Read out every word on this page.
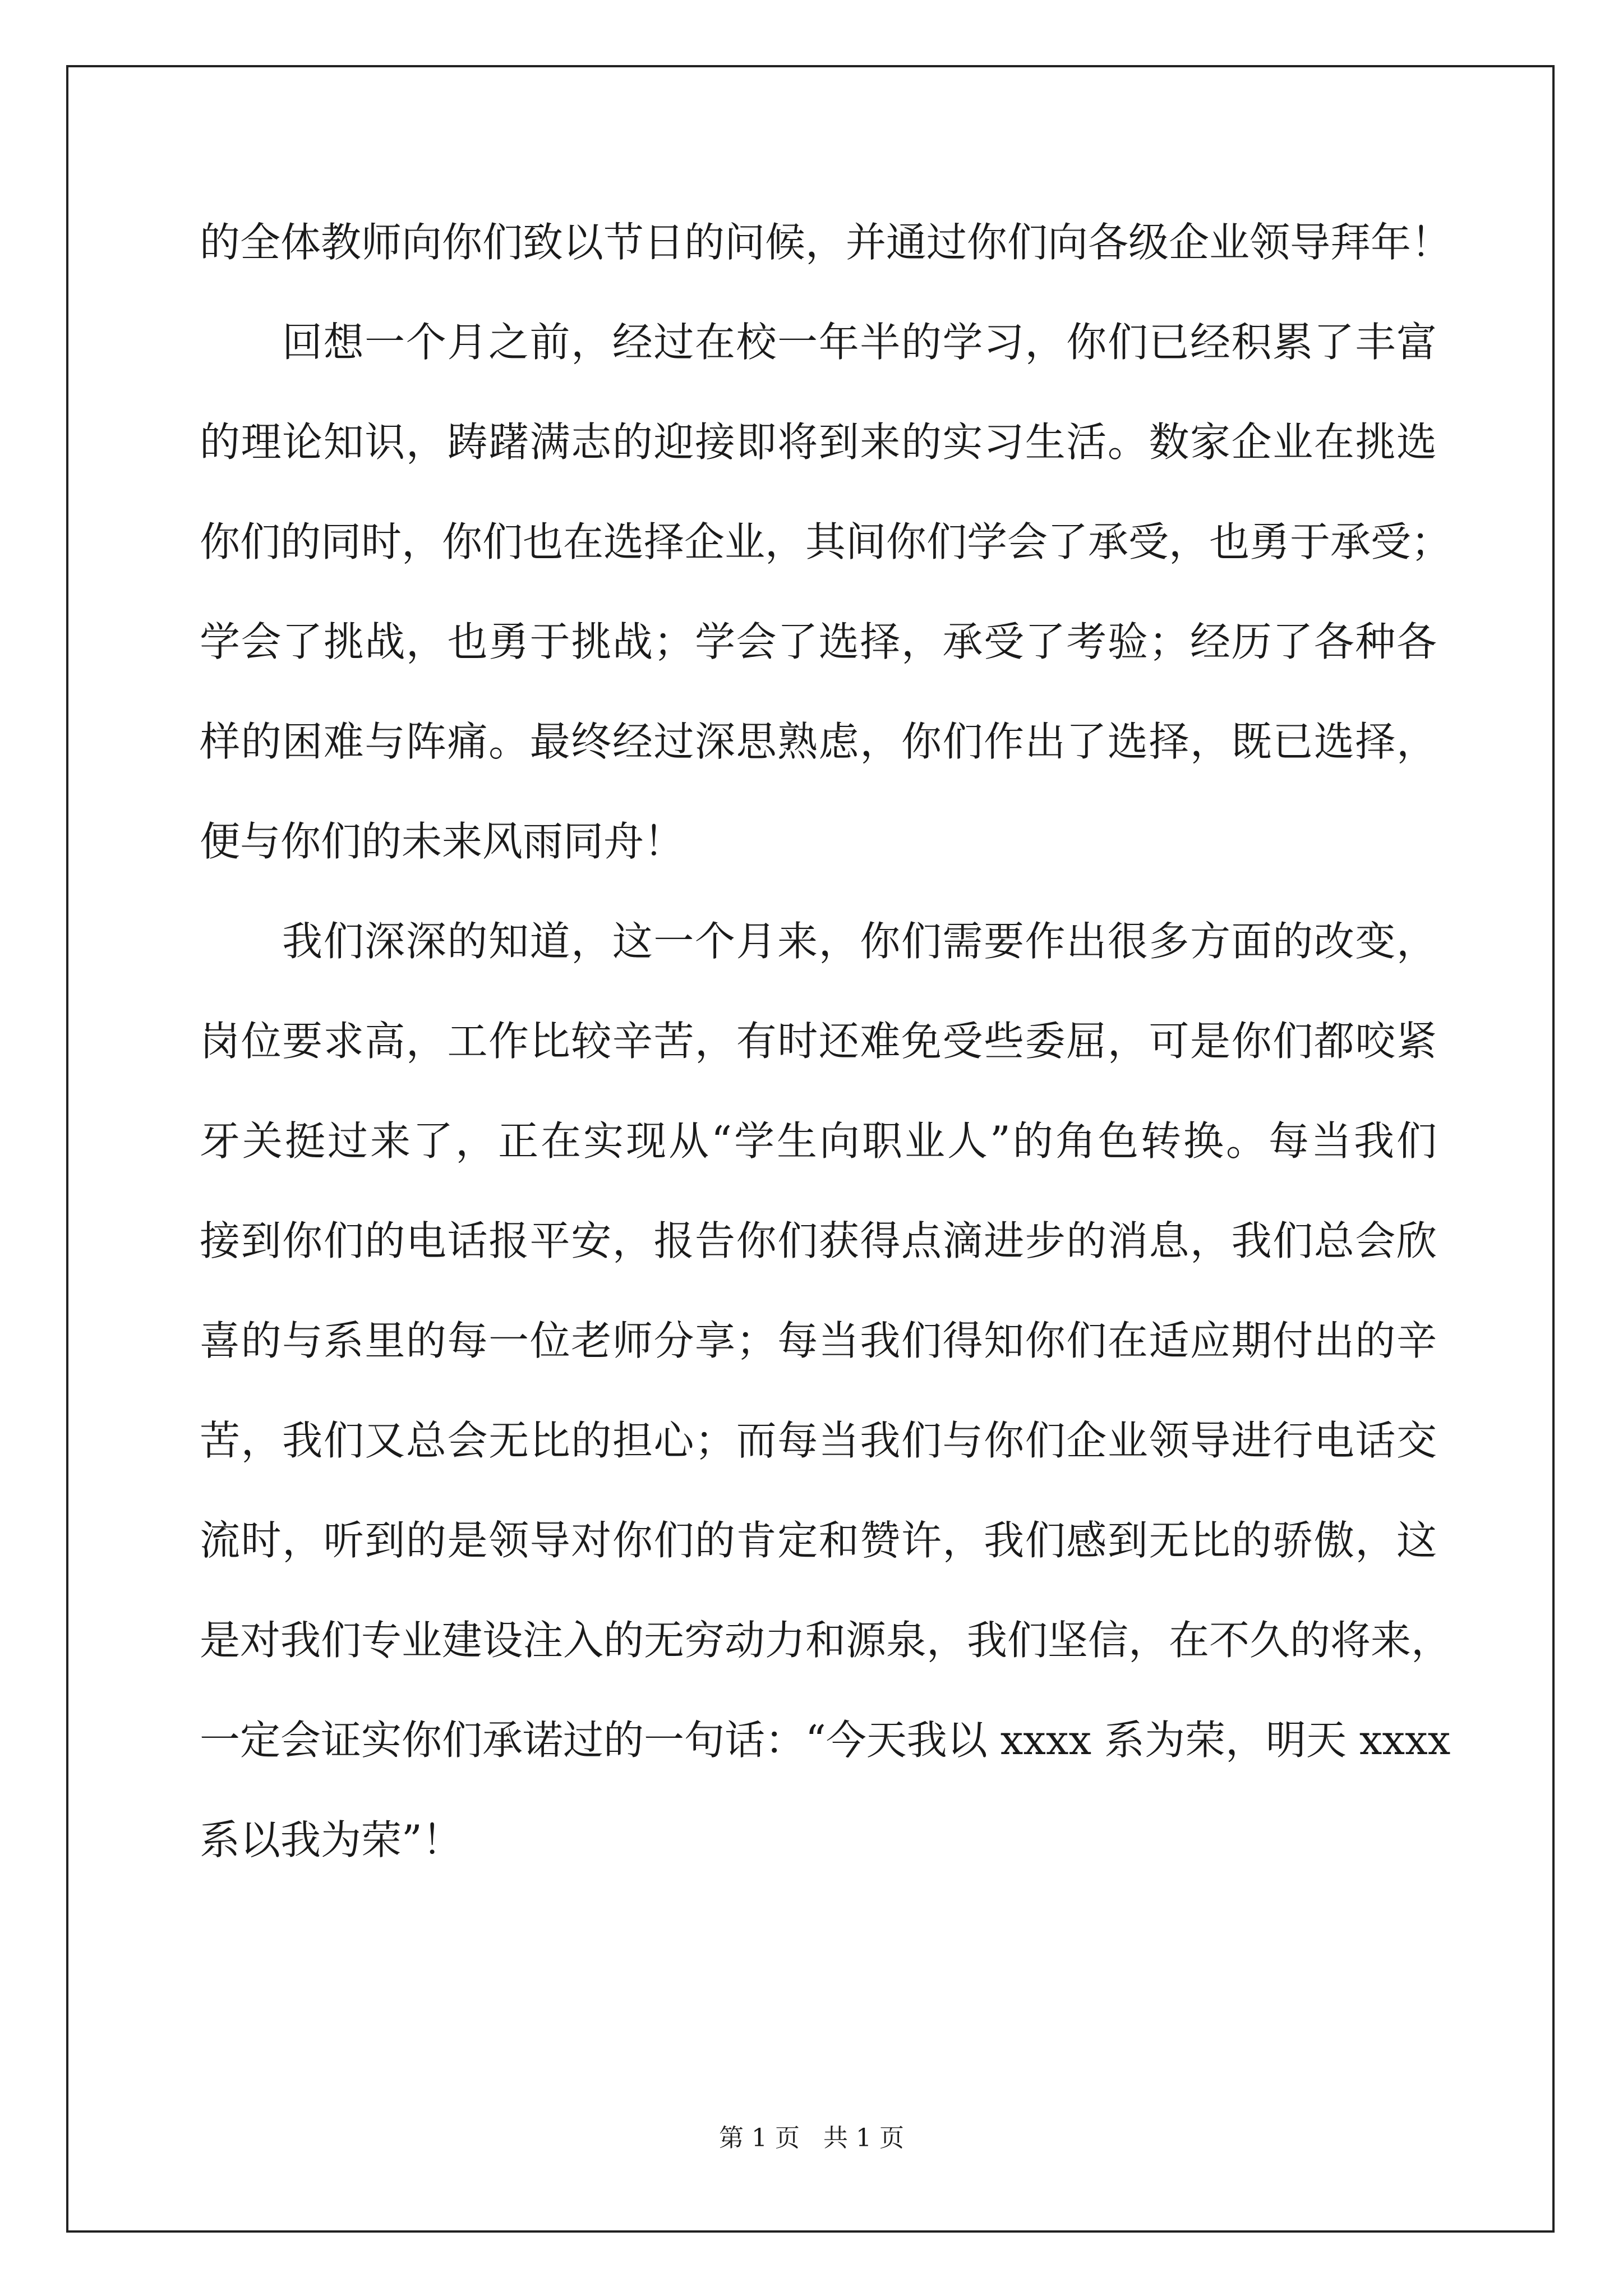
的全体教师向你们致以节日的问候，并通过你们向各级企业领导拜年！
回想一个月之前，经过在校一年半的学习，你们已经积累了丰富
的理论知识，踌躇满志的迎接即将到来的实习生活。数家企业在挑选
你们的同时，你们也在选择企业，其间你们学会了承受，也勇于承受；
学会了挑战，也勇于挑战；学会了选择，承受了考验；经历了各种各
样的困难与阵痛。最终经过深思熟虑，你们作出了选择，既已选择，
便与你们的未来风雨同舟！
我们深深的知道，这一个月来，你们需要作出很多方面的改变，
岗位要求高，工作比较辛苦，有时还难免受些委屈，可是你们都咬紧
牙关挺过来了，正在实现从“学生向职业人”的角色转换。每当我们
接到你们的电话报平安，报告你们获得点滴进步的消息，我们总会欣
喜的与系里的每一位老师分享；每当我们得知你们在适应期付出的辛
苦，我们又总会无比的担心；而每当我们与你们企业领导进行电话交
流时，听到的是领导对你们的肯定和赞许，我们感到无比的骄傲，这
是对我们专业建设注入的无穷动力和源泉，我们坚信，在不久的将来，
一定会证实你们承诺过的一句话：“今天我以 xxxx 系为荣，明天 xxxx
系以我为荣”！
第 1 页   共 1 页
